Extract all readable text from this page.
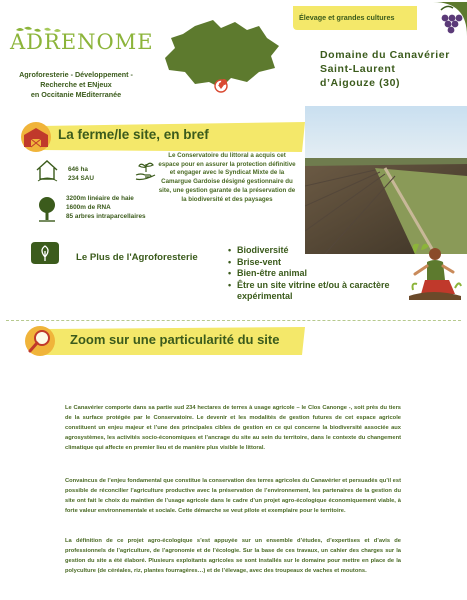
ADRENOME
Agroforesterie - Développement -
Recherche et ENjeux
en Occitanie MEditerranée
Élevage et grandes cultures
Domaine du Canavérier
Saint-Laurent
d’Aigouze (30)
La ferme/le site, en bref
646 ha
234 SAU
Le Conservatoire du littoral a acquis cet espace pour en assurer la protection définitive et engager avec le Syndicat Mixte de la Camargue Gardoise désigné gestionnaire du site, une gestion garante de la préservation de la biodiversité et des paysages
3200m linéaire de haie
1600m de RNA
85 arbres intraparcellaires
Le Plus de l'Agroforesterie
• Biodiversité
• Brise-vent
• Bien-être animal
• Être un site vitrine et/ou à caractère expérimental
Zoom sur une particularité du site

Le Canavérier comporte dans sa partie sud 234 hectares de terres à usage agricole – le Clos Canonge -, soit près du tiers de la surface protégée par le Conservatoire. Le devenir et les modalités de gestion futures de cet espace agricole constituent un enjeu majeur et l’une des principales cibles de gestion en ce qui concerne la biodiversité associée aux agrosystèmes, les activités socio-économiques et l’ancrage du site au sein du territoire, dans le contexte du changement climatique qui affecte en premier lieu et de manière plus visible le littoral.

Convaincus de l’enjeu fondamental que constitue la conservation des terres agricoles du Canavérier et persuadés qu’il est possible de réconcilier l’agriculture productive avec la préservation de l’environnement, les partenaires de la gestion du site ont fait le choix du maintien de l’usage agricole dans le cadre d’un projet agro-écologique économiquement viable, à forte valeur environnementale et sociale. Cette démarche se veut pilote et exemplaire pour le territoire.

La définition de ce projet agro-écologique s’est appuyée sur un ensemble d’études, d’expertises et d’avis de professionnels de l’agriculture, de l’agronomie et de l’écologie. Sur la base de ces travaux, un cahier des charges sur la gestion du site a été élaboré. Plusieurs exploitants agricoles se sont installés sur le domaine pour mettre en place de la polyculture (de céréales, riz, plantes fourragères…) et de l’élevage, avec des troupeaux de vaches et moutons.
